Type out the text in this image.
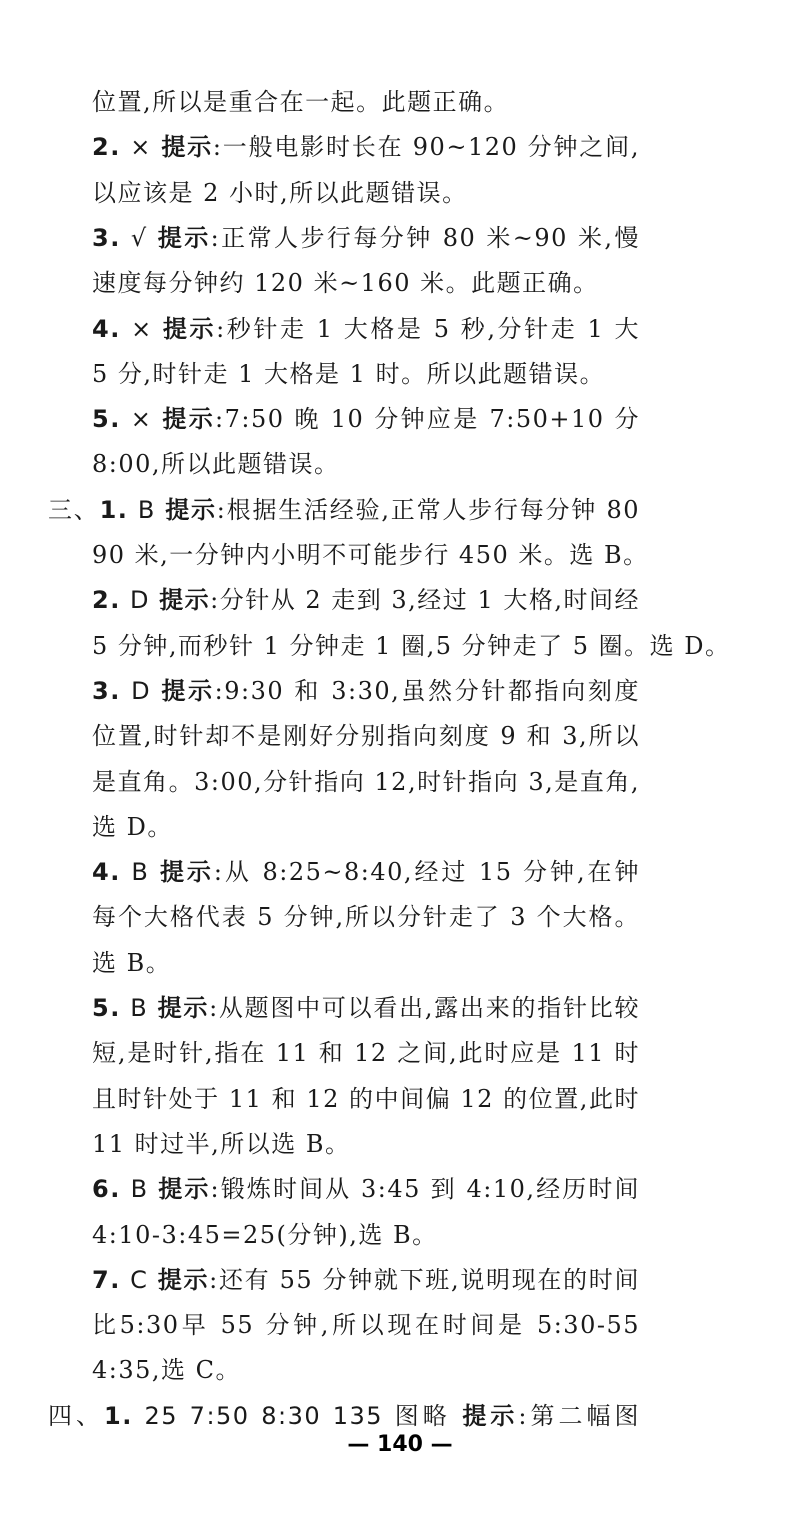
位置,所以是重合在一起。此题正确。
2. × 提示:一般电影时长在 90~120 分钟之间,
以应该是 2 小时,所以此题错误。
3. √ 提示:正常人步行每分钟 80 米~90 米,慢
速度每分钟约 120 米~160 米。此题正确。
4. × 提示:秒针走 1 大格是 5 秒,分针走 1 大
5 分,时针走 1 大格是 1 时。所以此题错误。
5. × 提示:7:50 晚 10 分钟应是 7:50+10 分
8:00,所以此题错误。
三、1. B 提示:根据生活经验,正常人步行每分钟 80
90 米,一分钟内小明不可能步行 450 米。选 B。
2. D 提示:分针从 2 走到 3,经过 1 大格,时间经
5 分钟,而秒针 1 分钟走 1 圈,5 分钟走了 5 圈。选 D。
3. D 提示:9:30 和 3:30,虽然分针都指向刻度
位置,时针却不是刚好分别指向刻度 9 和 3,所以
是直角。3:00,分针指向 12,时针指向 3,是直角,
选 D。
4. B 提示:从 8:25~8:40,经过 15 分钟,在钟
每个大格代表 5 分钟,所以分针走了 3 个大格。
选 B。
5. B 提示:从题图中可以看出,露出来的指针比较
短,是时针,指在 11 和 12 之间,此时应是 11 时
且时针处于 11 和 12 的中间偏 12 的位置,此时
11 时过半,所以选 B。
6. B 提示:锻炼时间从 3:45 到 4:10,经历时间
4:10-3:45=25(分钟),选 B。
7. C 提示:还有 55 分钟就下班,说明现在的时间
比5:30早 55 分钟,所以现在时间是 5:30-55
4:35,选 C。
四、1. 25 7:50 8:30 135 图略 提示:第二幅图
— 140 —
